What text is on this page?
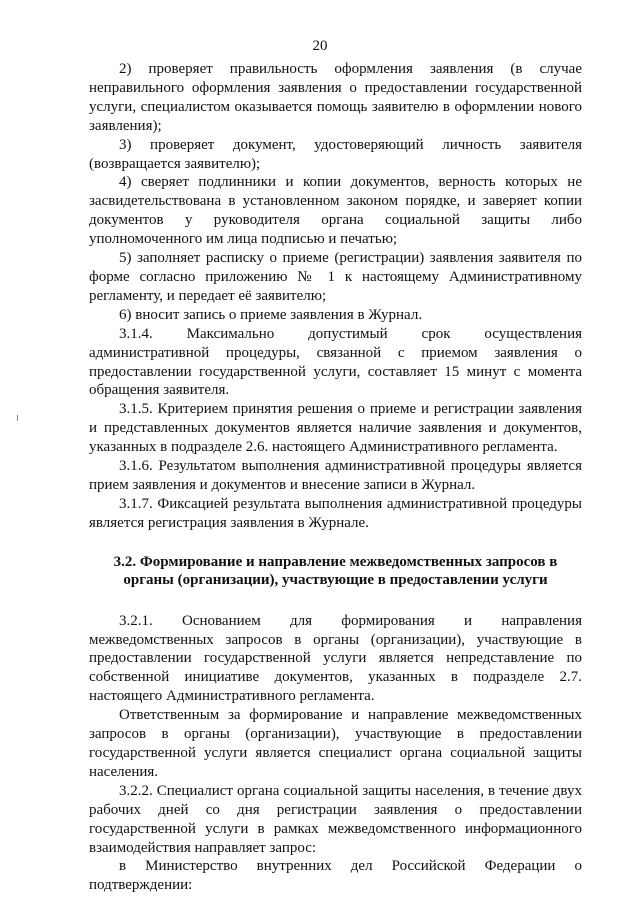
20

2) проверяет правильность оформления заявления (в случае неправильного оформления заявления о предоставлении государственной услуги, специалистом оказывается помощь заявителю в оформлении нового заявления);

3) проверяет документ, удостоверяющий личность заявителя (возвращается заявителю);

4) сверяет подлинники и копии документов, верность которых не засвидетельствована в установленном законом порядке, и заверяет копии документов у руководителя органа социальной защиты либо уполномоченного им лица подписью и печатью;

5) заполняет расписку о приеме (регистрации) заявления заявителя по форме согласно приложению № 1 к настоящему Административному регламенту, и передает её заявителю;

6) вносит запись о приеме заявления в Журнал.

3.1.4. Максимально допустимый срок осуществления административной процедуры, связанной с приемом заявления о предоставлении государственной услуги, составляет 15 минут с момента обращения заявителя.

3.1.5. Критерием принятия решения о приеме и регистрации заявления и представленных документов является наличие заявления и документов, указанных в подразделе 2.6. настоящего Административного регламента.

3.1.6. Результатом выполнения административной процедуры является прием заявления и документов и внесение записи в Журнал.

3.1.7. Фиксацией результата выполнения административной процедуры является регистрация заявления в Журнале.

3.2. Формирование и направление межведомственных запросов в органы (организации), участвующие в предоставлении услуги

3.2.1. Основанием для формирования и направления межведомственных запросов в органы (организации), участвующие в предоставлении государственной услуги является непредставление по собственной инициативе документов, указанных в подразделе 2.7. настоящего Административного регламента.

Ответственным за формирование и направление межведомственных запросов в органы (организации), участвующие в предоставлении государственной услуги является специалист органа социальной защиты населения.

3.2.2. Специалист органа социальной защиты населения, в течение двух рабочих дней со дня регистрации заявления о предоставлении государственной услуги в рамках межведомственного информационного взаимодействия направляет запрос:

в Министерство внутренних дел Российской Федерации о подтверждении:
